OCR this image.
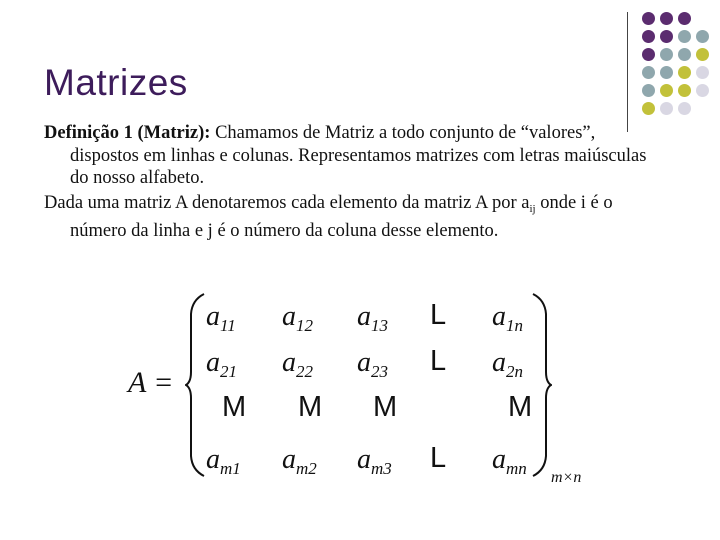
Matrizes

Definição 1 (Matriz): Chamamos de Matriz a todo conjunto de “valores”, dispostos em linhas e colunas. Representamos matrizes com letras maiúsculas do nosso alfabeto.

Dada uma matriz A denotaremos cada elemento da matriz A por $a_{ij}$ onde i é o número da linha e j é o número da coluna desse elemento.

A =
$a_{11}$ $a_{12}$ $a_{13}$ L $a_{1n}$
$a_{21}$ $a_{22}$ $a_{23}$ L $a_{2n}$
M M M	M
$a_{m1}$ $a_{m2}$ $a_{m3}$ L $a_{mn}$ m×n
